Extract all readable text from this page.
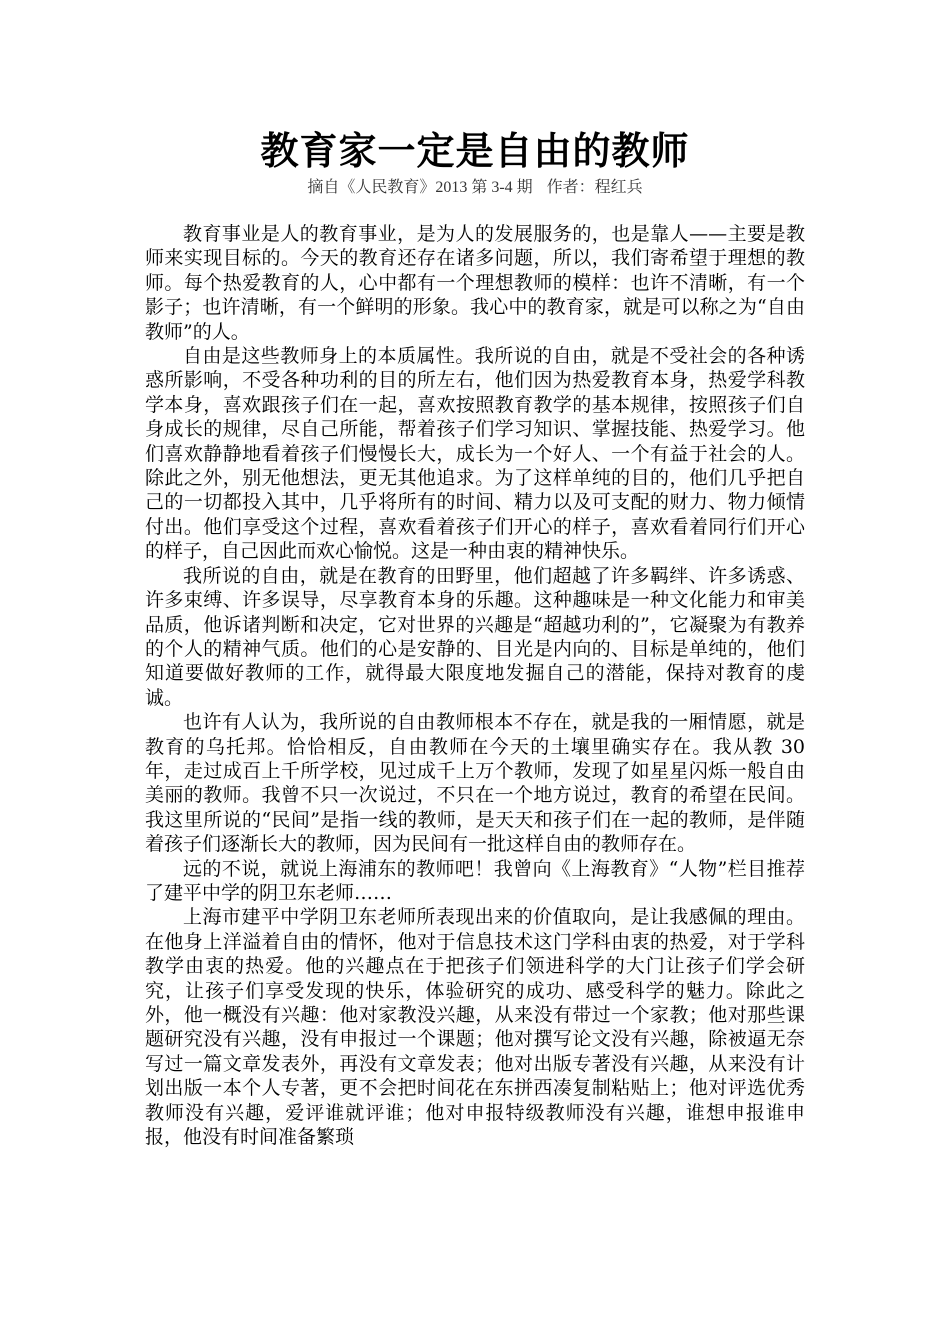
教育家一定是自由的教师
摘自《人民教育》2013 第 3-4 期 作者：程红兵

教育事业是人的教育事业，是为人的发展服务的，也是靠人——主要是教师来实现目标的。今天的教育还存在诸多问题，所以，我们寄希望于理想的教师。每个热爱教育的人，心中都有一个理想教师的模样：也许不清晰，有一个影子；也许清晰，有一个鲜明的形象。我心中的教育家，就是可以称之为“自由教师”的人。

自由是这些教师身上的本质属性。我所说的自由，就是不受社会的各种诱惑所影响，不受各种功利的目的所左右，他们因为热爱教育本身，热爱学科教学本身，喜欢跟孩子们在一起，喜欢按照教育教学的基本规律，按照孩子们自身成长的规律，尽自己所能，帮着孩子们学习知识、掌握技能、热爱学习。他们喜欢静静地看着孩子们慢慢长大，成长为一个好人、一个有益于社会的人。除此之外，别无他想法，更无其他追求。为了这样单纯的目的，他们几乎把自己的一切都投入其中，几乎将所有的时间、精力以及可支配的财力、物力倾情付出。他们享受这个过程，喜欢看着孩子们开心的样子，喜欢看着同行们开心的样子，自己因此而欢心愉悦。这是一种由衷的精神快乐。

我所说的自由，就是在教育的田野里，他们超越了许多羁绊、许多诱惑、许多束缚、许多误导，尽享教育本身的乐趣。这种趣味是一种文化能力和审美品质，他诉诸判断和决定，它对世界的兴趣是“超越功利的”，它凝聚为有教养的个人的精神气质。他们的心是安静的、目光是内向的、目标是单纯的，他们知道要做好教师的工作，就得最大限度地发掘自己的潜能，保持对教育的虔诚。

也许有人认为，我所说的自由教师根本不存在，就是我的一厢情愿，就是教育的乌托邦。恰恰相反，自由教师在今天的土壤里确实存在。我从教 30 年，走过成百上千所学校，见过成千上万个教师，发现了如星星闪烁一般自由美丽的教师。我曾不只一次说过，不只在一个地方说过，教育的希望在民间。我这里所说的“民间”是指一线的教师，是天天和孩子们在一起的教师，是伴随着孩子们逐渐长大的教师，因为民间有一批这样自由的教师存在。

远的不说，就说上海浦东的教师吧！我曾向《上海教育》“人物”栏目推荐了建平中学的阴卫东老师……

上海市建平中学阴卫东老师所表现出来的价值取向，是让我感佩的理由。在他身上洋溢着自由的情怀，他对于信息技术这门学科由衷的热爱，对于学科教学由衷的热爱。他的兴趣点在于把孩子们领进科学的大门让孩子们学会研究，让孩子们享受发现的快乐，体验研究的成功、感受科学的魅力。除此之外，他一概没有兴趣：他对家教没兴趣，从来没有带过一个家教；他对那些课题研究没有兴趣，没有申报过一个课题；他对撰写论文没有兴趣，除被逼无奈写过一篇文章发表外，再没有文章发表；他对出版专著没有兴趣，从来没有计划出版一本个人专著，更不会把时间花在东拼西凑复制粘贴上；他对评选优秀教师没有兴趣，爱评谁就评谁；他对申报特级教师没有兴趣，谁想申报谁申报，他没有时间准备繁琐
